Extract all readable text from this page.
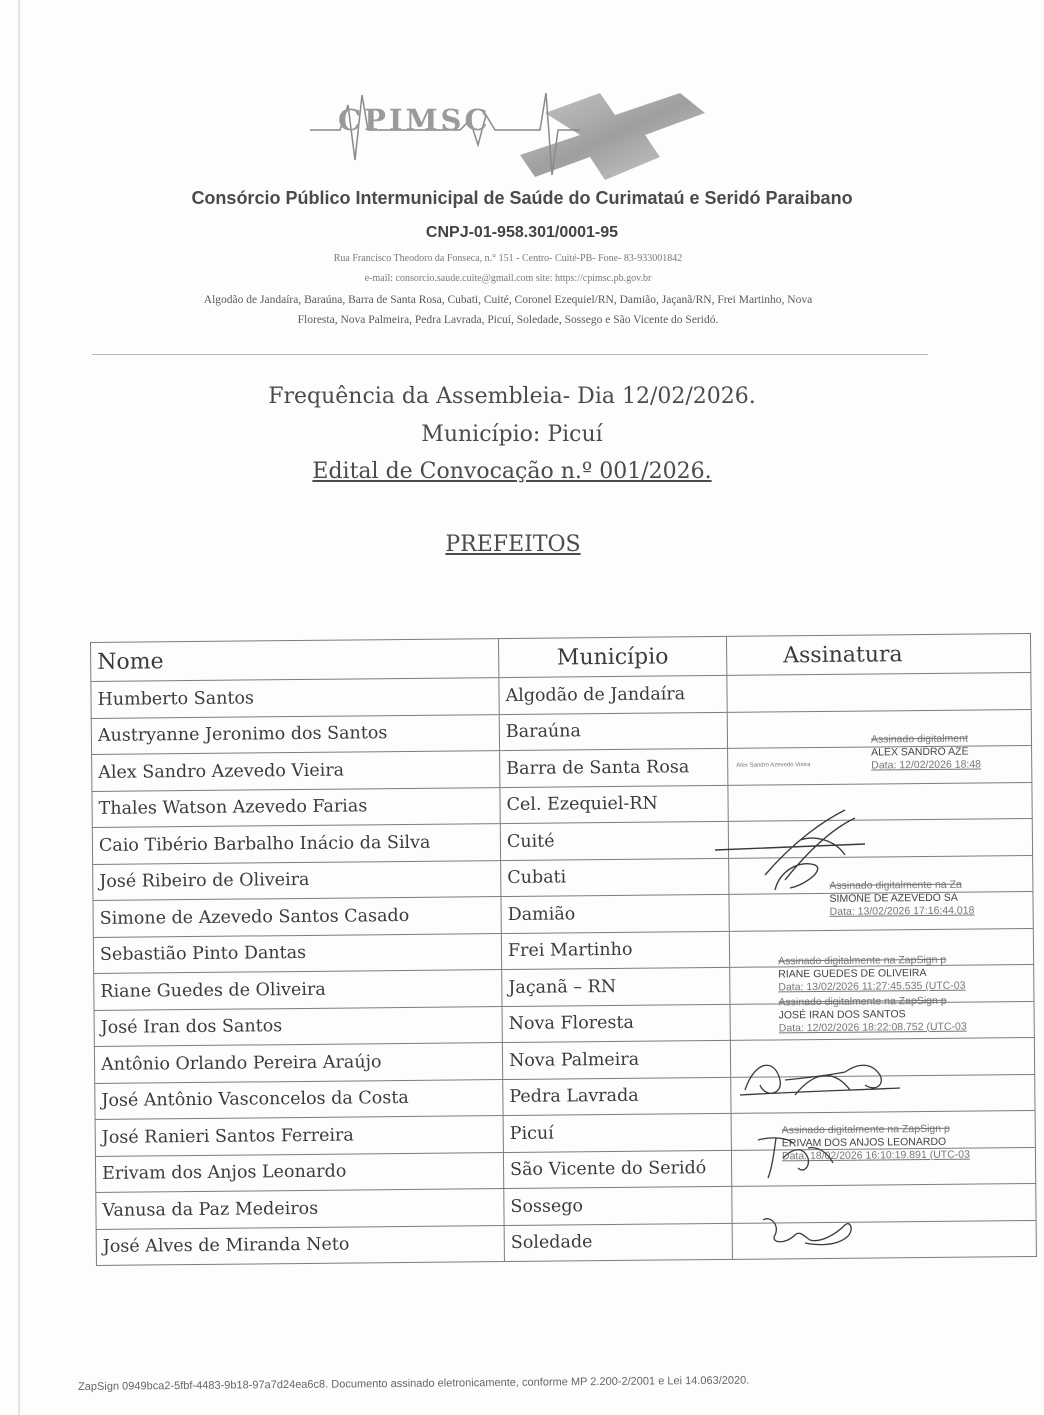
CPIMSC
Consórcio Público Intermunicipal de Saúde do Curimataú e Seridó Paraibano
CNPJ-01-958.301/0001-95
Rua Francisco Theodoro da Fonseca, n.° 151 - Centro- Cuité-PB- Fone- 83-933001842
e-mail: consorcio.saude.cuite@gmail.com site: https://cpimsc.pb.gov.br
Algodão de Jandaíra, Baraúna, Barra de Santa Rosa, Cubati, Cuité, Coronel Ezequiel/RN, Damião, Jaçanã/RN, Frei Martinho, Nova
Floresta, Nova Palmeira, Pedra Lavrada, Picuí, Soledade, Sossego e São Vicente do Seridó.
Frequência da Assembleia- Dia 12/02/2026.
Município: Picuí
Edital de Convocação n.º 001/2026.
PREFEITOS
Nome	Município	Assinatura
Humberto Santos	Algodão de Jandaíra	
Austryanne Jeronimo dos Santos	Baraúna	
Alex Sandro Azevedo Vieira	Barra de Santa Rosa	Alex Sandro Azevedo Vieira
Assinado digitalment
ALEX SANDRO AZE
Data: 12/02/2026 18:48

Thales Watson Azevedo Farias	Cel. Ezequiel-RN	
Caio Tibério Barbalho Inácio da Silva	Cuité	
José Ribeiro de Oliveira	Cubati	
Simone de Azevedo Santos Casado	Damião	Assinado digitalmente na Za
SIMONE DE AZEVEDO SA
Data: 13/02/2026 17:16:44.018

Sebastião Pinto Dantas	Frei Martinho	
Riane Guedes de Oliveira	Jaçanã – RN	Assinado digitalmente na ZapSign p
RIANE GUEDES DE OLIVEIRA
Data: 13/02/2026 11:27:45.535 (UTC-03

José Iran dos Santos	Nova Floresta	Assinado digitalmente na ZapSign p
JOSÉ IRAN DOS SANTOS
Data: 12/02/2026 18:22:08.752 (UTC-03

Antônio Orlando Pereira Araújo	Nova Palmeira	
José Antônio Vasconcelos da Costa	Pedra Lavrada	
José Ranieri Santos Ferreira	Picuí	
Erivam dos Anjos Leonardo	São Vicente do Seridó	Assinado digitalmente na ZapSign p
ERIVAM DOS ANJOS LEONARDO
Data: 18/02/2026 16:10:19.891 (UTC-03

Vanusa da Paz Medeiros	Sossego	
José Alves de Miranda Neto	Soledade	
ZapSign 0949bca2-5fbf-4483-9b18-97a7d24ea6c8. Documento assinado eletronicamente, conforme MP 2.200-2/2001 e Lei 14.063/2020.
